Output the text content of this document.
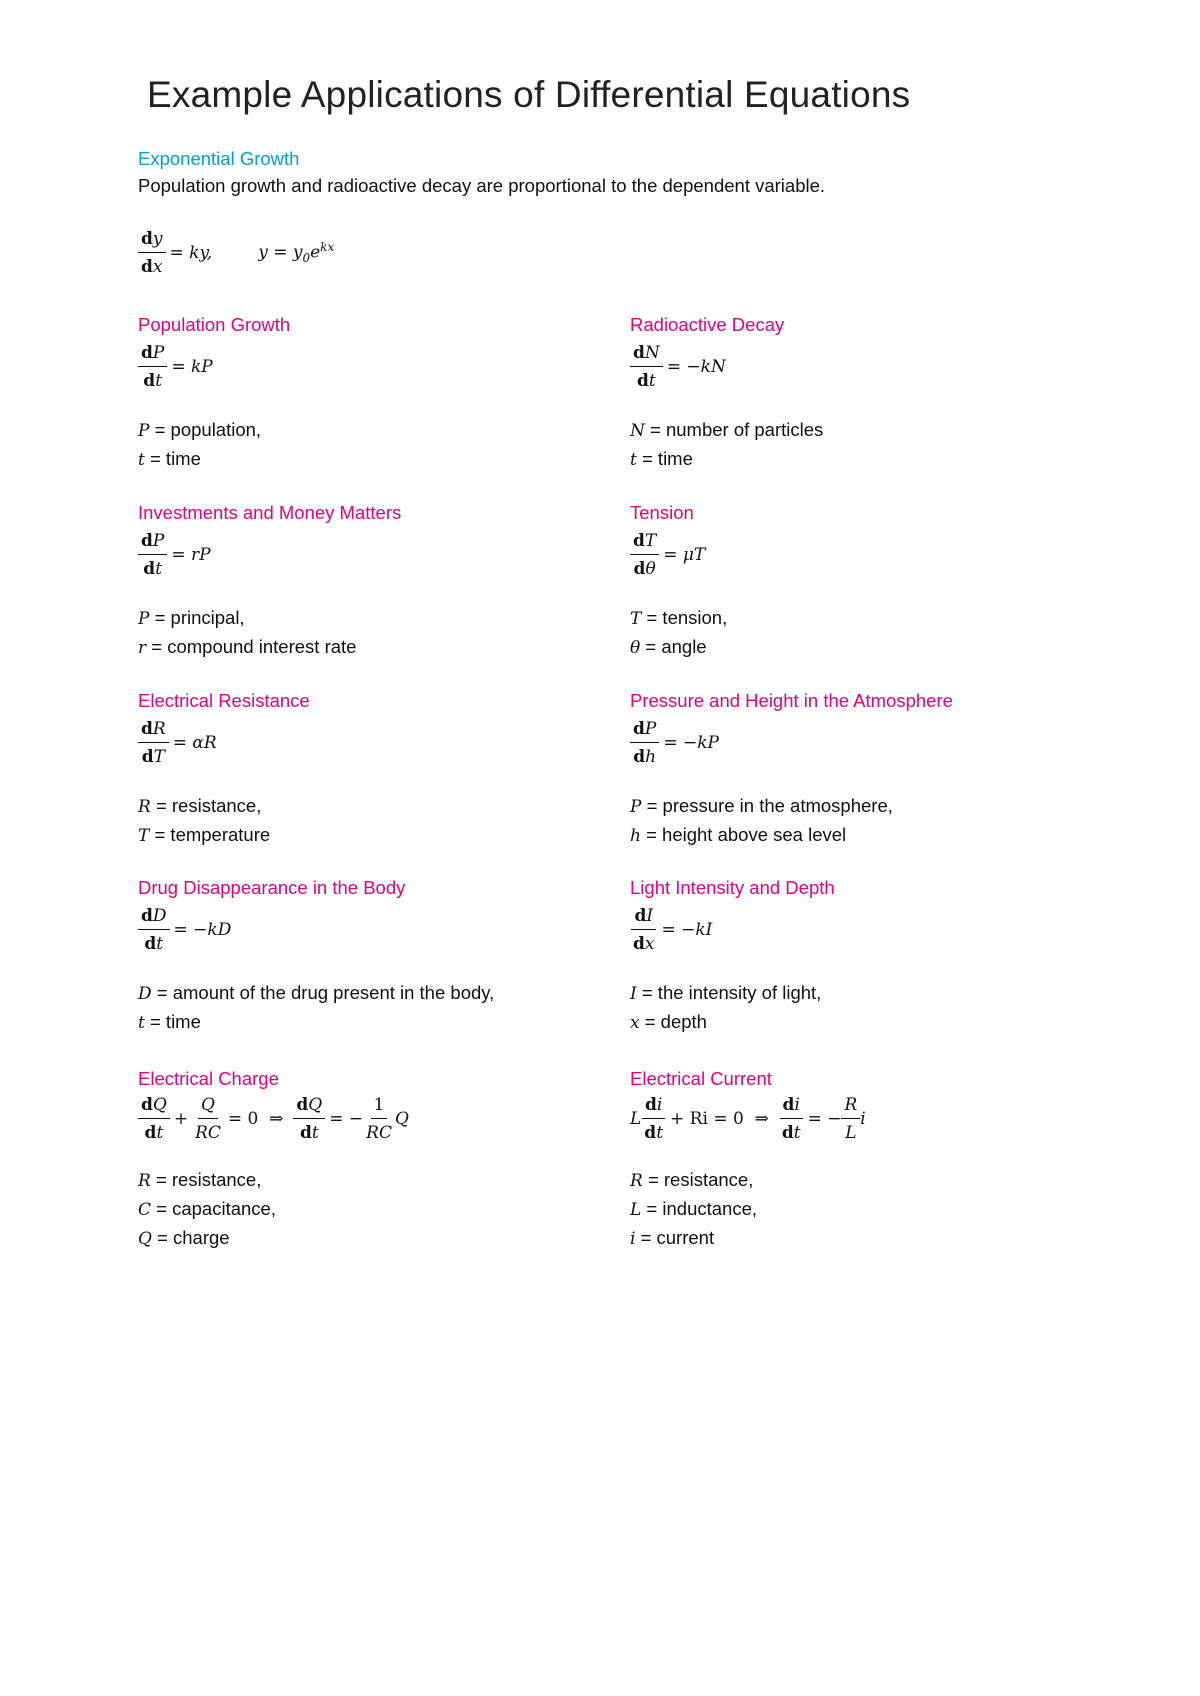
Example Applications of Differential Equations
Exponential Growth
Population growth and radioactive decay are proportional to the dependent variable.
$\frac{dy}{dx}$ = ky,	$y = y_0e^{kx}$
Population Growth
$\frac{dP}{dt}$ = kP
P = population,
t = time
Radioactive Decay
$\frac{dN}{dt} = -kN$
N = number of particles
t = time
Investments and Money Matters
$\frac{dP}{dt}$ = rP
P = principal,
r = compound interest rate
Tension
$\frac{dT}{d\theta} = \mu T$
T = tension,
θ = angle
Electrical Resistance
$\frac{dR}{dT} = \alpha R$
R = resistance,
T = temperature
Pressure and Height in the Atmosphere
$\frac{dP}{dh} = -kP$
P = pressure in the atmosphere,
h = height above sea level
Drug Disappearance in the Body
$\frac{dD}{dt} = -kD$
D = amount of the drug present in the body,
t = time
Light Intensity and Depth
$\frac{dI}{dx} = -kI$
I = the intensity of light,
x = depth
Electrical Charge
$\frac{dQ}{dt} + \frac{Q}{RC} = 0$  ⇒ $\frac{dQ}{dt}$ = − $\frac{1}{RC}$ Q
R = resistance,
C = capacitance,
Q = charge
Electrical Current
L $\frac{di}{dt} + Ri = 0$  ⇒ $\frac{di}{dt}$ = − $\frac{R}{L}$ i
R = resistance,
L = inductance,
i = current
